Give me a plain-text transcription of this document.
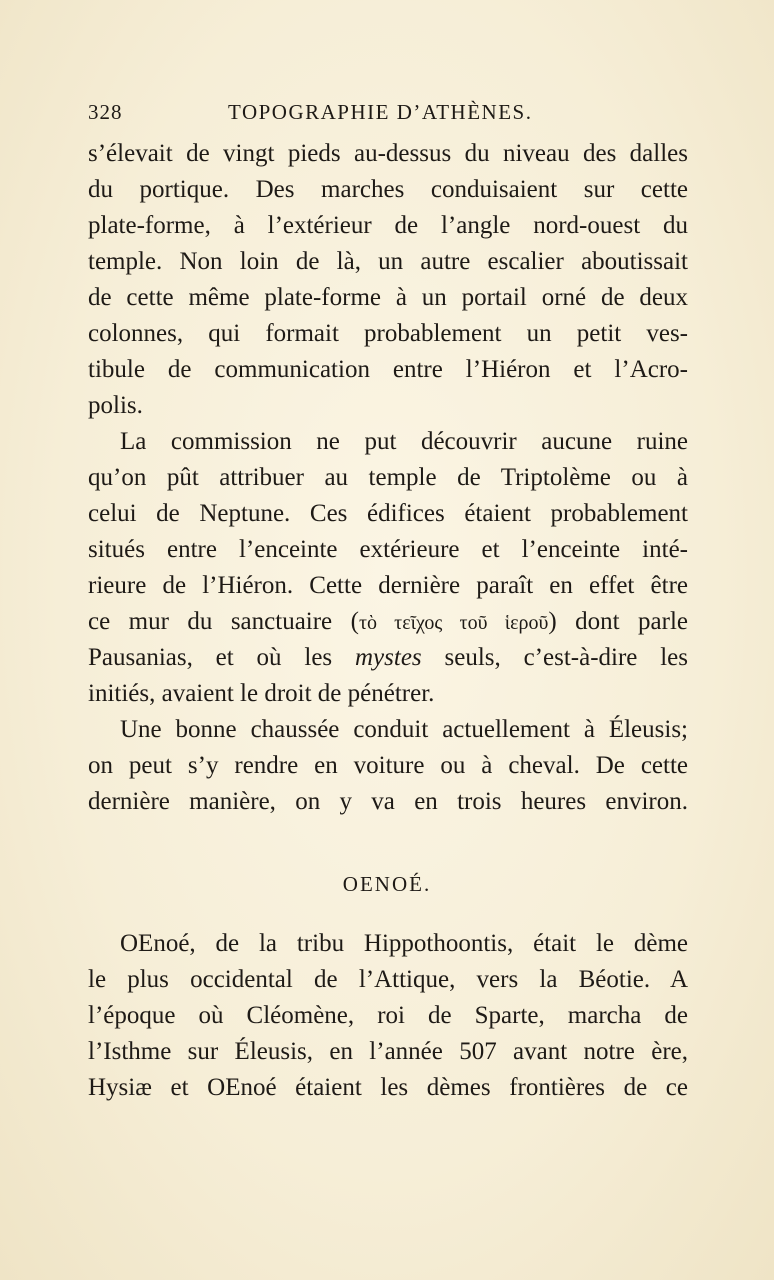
328	TOPOGRAPHIE D’ATHÈNES.
s’élevait de vingt pieds au-dessus du niveau des dalles
du portique. Des marches conduisaient sur cette
plate-forme, à l’extérieur de l’angle nord-ouest du
temple. Non loin de là, un autre escalier aboutissait
de cette même plate-forme à un portail orné de deux
colonnes, qui formait probablement un petit ves-
tibule de communication entre l’Hiéron et l’Acro-
polis.
La commission ne put découvrir aucune ruine
qu’on pût attribuer au temple de Triptolème ou à
celui de Neptune. Ces édifices étaient probablement
situés entre l’enceinte extérieure et l’enceinte inté-
rieure de l’Hiéron. Cette dernière paraît en effet être
ce mur du sanctuaire (τὸ τεῖχος τοῦ ἱεροῦ) dont parle
Pausanias, et où les mystes seuls, c’est-à-dire les
initiés, avaient le droit de pénétrer.
Une bonne chaussée conduit actuellement à Éleusis;
on peut s’y rendre en voiture ou à cheval. De cette
dernière manière, on y va en trois heures environ.
OENOÉ.
OEnoé, de la tribu Hippothoontis, était le dème
le plus occidental de l’Attique, vers la Béotie. A
l’époque où Cléomène, roi de Sparte, marcha de
l’Isthme sur Éleusis, en l’année 507 avant notre ère,
Hysiæ et OEnoé étaient les dèmes frontières de ce
